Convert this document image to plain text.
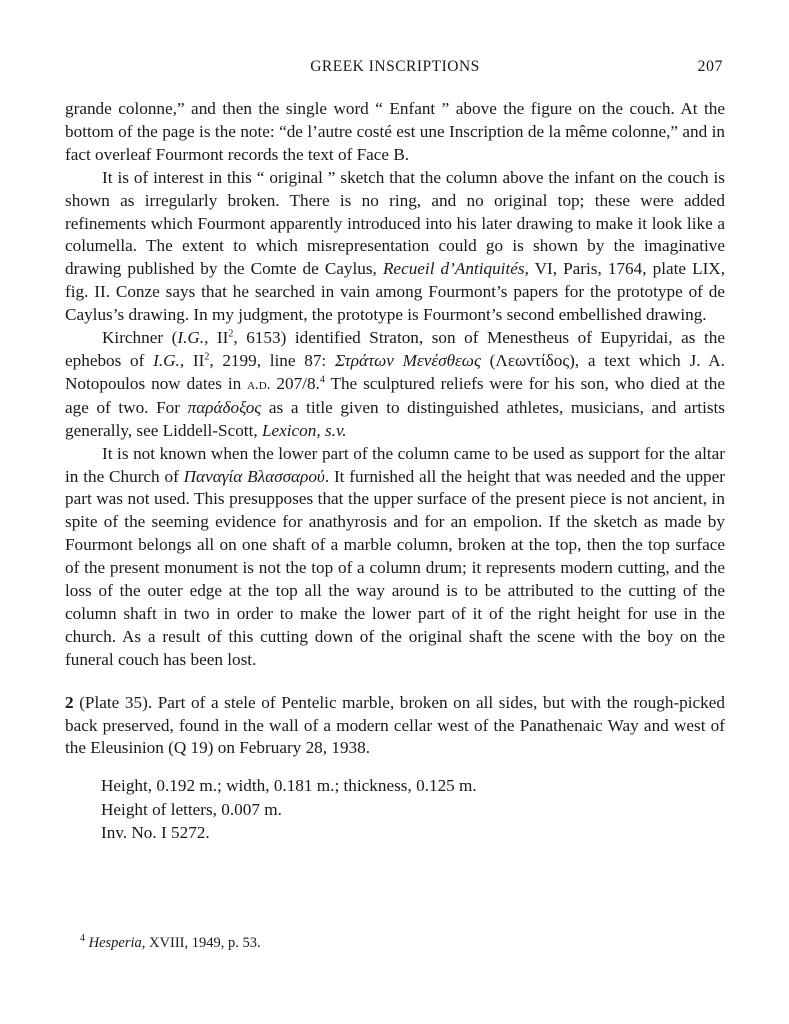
GREEK INSCRIPTIONS	207

grande colonne,” and then the single word “ Enfant ” above the figure on the couch. At the bottom of the page is the note: “de l’autre costé est une Inscription de la même colonne,” and in fact overleaf Fourmont records the text of Face B.

It is of interest in this “ original ” sketch that the column above the infant on the couch is shown as irregularly broken. There is no ring, and no original top; these were added refinements which Fourmont apparently introduced into his later drawing to make it look like a columella. The extent to which misrepresentation could go is shown by the imaginative drawing published by the Comte de Caylus, Recueil d’Antiquités, VI, Paris, 1764, plate LIX, fig. II. Conze says that he searched in vain among Fourmont’s papers for the prototype of de Caylus’s drawing. In my judgment, the prototype is Fourmont’s second embellished drawing.

Kirchner (I.G., $II^2$, 6153) identified Straton, son of Menestheus of Eupyridai, as the ephebos of I.G., $II^2$, 2199, line 87: Στράτων Μενέσθεως (Λεωντίδος), a text which J. A. Notopoulos now dates in a.d. 207/8.$^4$ The sculptured reliefs were for his son, who died at the age of two. For παράδοξος as a title given to distinguished athletes, musicians, and artists generally, see Liddell-Scott, Lexicon, s.v.

It is not known when the lower part of the column came to be used as support for the altar in the Church of Παναγία Βλασσαρού. It furnished all the height that was needed and the upper part was not used. This presupposes that the upper surface of the present piece is not ancient, in spite of the seeming evidence for anathyrosis and for an empolion. If the sketch as made by Fourmont belongs all on one shaft of a marble column, broken at the top, then the top surface of the present monument is not the top of a column drum; it represents modern cutting, and the loss of the outer edge at the top all the way around is to be attributed to the cutting of the column shaft in two in order to make the lower part of it of the right height for use in the church. As a result of this cutting down of the original shaft the scene with the boy on the funeral couch has been lost.

2 (Plate 35). Part of a stele of Pentelic marble, broken on all sides, but with the rough-picked back preserved, found in the wall of a modern cellar west of the Panathenaic Way and west of the Eleusinion (Q 19) on February 28, 1938.
Height, 0.192 m.; width, 0.181 m.; thickness, 0.125 m.
Height of letters, 0.007 m.
Inv. No. I 5272.
$^4$ Hesperia, XVIII, 1949, p. 53.
